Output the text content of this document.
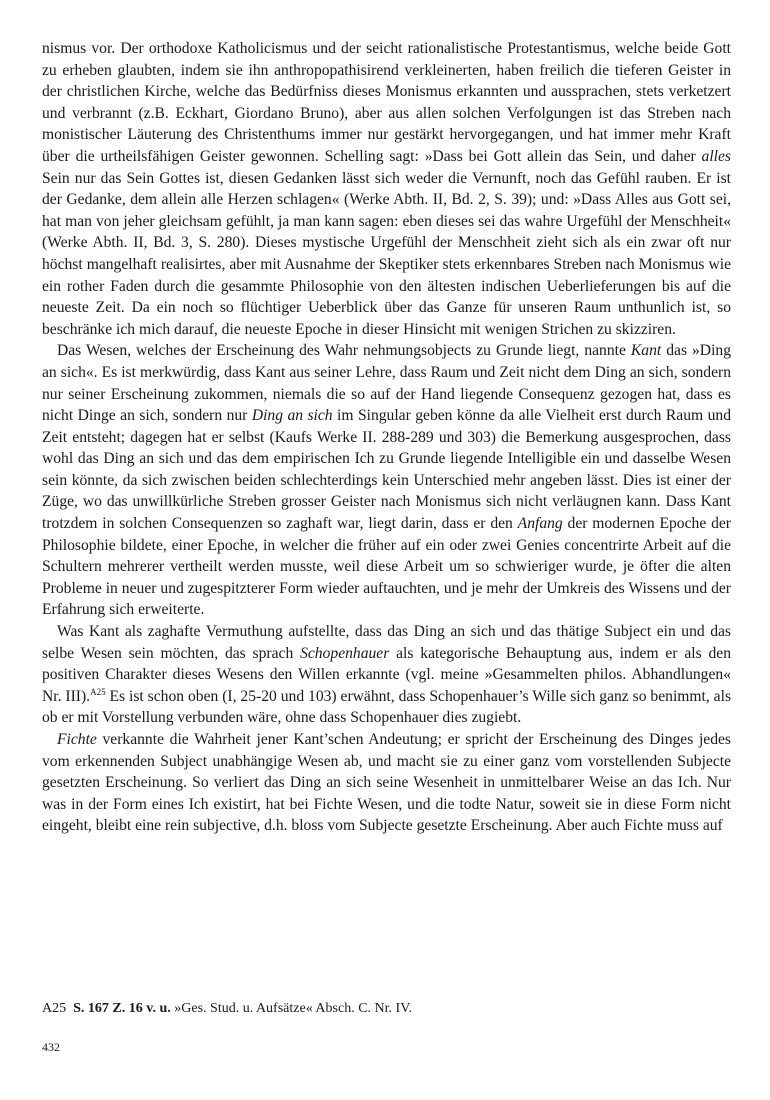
nismus vor. Der orthodoxe Katholicismus und der seicht rationalistische Protestantismus, welche beide Gott zu erheben glaubten, indem sie ihn anthropopathisirend verkleinerten, haben freilich die tieferen Geister in der christlichen Kirche, welche das Bedürfniss dieses Monismus erkannten und aussprachen, stets verketzert und verbrannt (z.B. Eckhart, Giordano Bruno), aber aus allen solchen Verfolgungen ist das Streben nach monistischer Läuterung des Christenthums immer nur gestärkt hervorgegangen, und hat immer mehr Kraft über die urtheilsfähigen Geister gewonnen. Schelling sagt: »Dass bei Gott allein das Sein, und daher alles Sein nur das Sein Gottes ist, diesen Gedanken lässt sich weder die Vernunft, noch das Gefühl rauben. Er ist der Gedanke, dem allein alle Herzen schlagen« (Werke Abth. II, Bd. 2, S. 39); und: »Dass Alles aus Gott sei, hat man von jeher gleichsam gefühlt, ja man kann sagen: eben dieses sei das wahre Urgefühl der Menschheit« (Werke Abth. II, Bd. 3, S. 280). Dieses mystische Urgefühl der Menschheit zieht sich als ein zwar oft nur höchst mangelhaft realisirtes, aber mit Ausnahme der Skeptiker stets erkennbares Streben nach Monismus wie ein rother Faden durch die gesammte Philosophie von den ältesten indischen Ueberlieferungen bis auf die neueste Zeit. Da ein noch so flüchtiger Ueberblick über das Ganze für unseren Raum unthunlich ist, so beschränke ich mich darauf, die neueste Epoche in dieser Hinsicht mit wenigen Strichen zu skizziren.

Das Wesen, welches der Erscheinung des Wahr nehmungsobjects zu Grunde liegt, nannte Kant das »Ding an sich«. Es ist merkwürdig, dass Kant aus seiner Lehre, dass Raum und Zeit nicht dem Ding an sich, sondern nur seiner Erscheinung zukommen, niemals die so auf der Hand liegende Consequenz gezogen hat, dass es nicht Dinge an sich, sondern nur Ding an sich im Singular geben könne da alle Vielheit erst durch Raum und Zeit entsteht; dagegen hat er selbst (Kaufs Werke II. 288-289 und 303) die Bemerkung ausgesprochen, dass wohl das Ding an sich und das dem empirischen Ich zu Grunde liegende Intelligible ein und dasselbe Wesen sein könnte, da sich zwischen beiden schlechterdings kein Unterschied mehr angeben lässt. Dies ist einer der Züge, wo das unwillkürliche Streben grosser Geister nach Monismus sich nicht verläugnen kann. Dass Kant trotzdem in solchen Consequenzen so zaghaft war, liegt darin, dass er den Anfang der modernen Epoche der Philosophie bildete, einer Epoche, in welcher die früher auf ein oder zwei Genies concentrirte Arbeit auf die Schultern mehrerer vertheilt werden musste, weil diese Arbeit um so schwieriger wurde, je öfter die alten Probleme in neuer und zugespitzterer Form wieder auftauchten, und je mehr der Umkreis des Wissens und der Erfahrung sich erweiterte.

Was Kant als zaghafte Vermuthung aufstellte, dass das Ding an sich und das thätige Subject ein und das selbe Wesen sein möchten, das sprach Schopenhauer als kategorische Behauptung aus, indem er als den positiven Charakter dieses Wesens den Willen erkannte (vgl. meine »Gesammelten philos. Abhandlungen« Nr. III).$^{A25}$ Es ist schon oben (I, 25-20 und 103) erwähnt, dass Schopenhauer’s Wille sich ganz so benimmt, als ob er mit Vorstellung verbunden wäre, ohne dass Schopenhauer dies zugiebt.

Fichte verkannte die Wahrheit jener Kant’schen Andeutung; er spricht der Erscheinung des Dinges jedes vom erkennenden Subject unabhängige Wesen ab, und macht sie zu einer ganz vom vorstellenden Subjecte gesetzten Erscheinung. So verliert das Ding an sich seine Wesenheit in unmittelbarer Weise an das Ich. Nur was in der Form eines Ich existirt, hat bei Fichte Wesen, und die todte Natur, soweit sie in diese Form nicht eingeht, bleibt eine rein subjective, d.h. bloss vom Subjecte gesetzte Erscheinung. Aber auch Fichte muss auf

A25 S. 167 Z. 16 v. u. »Ges. Stud. u. Aufsätze« Absch. C. Nr. IV.
432
